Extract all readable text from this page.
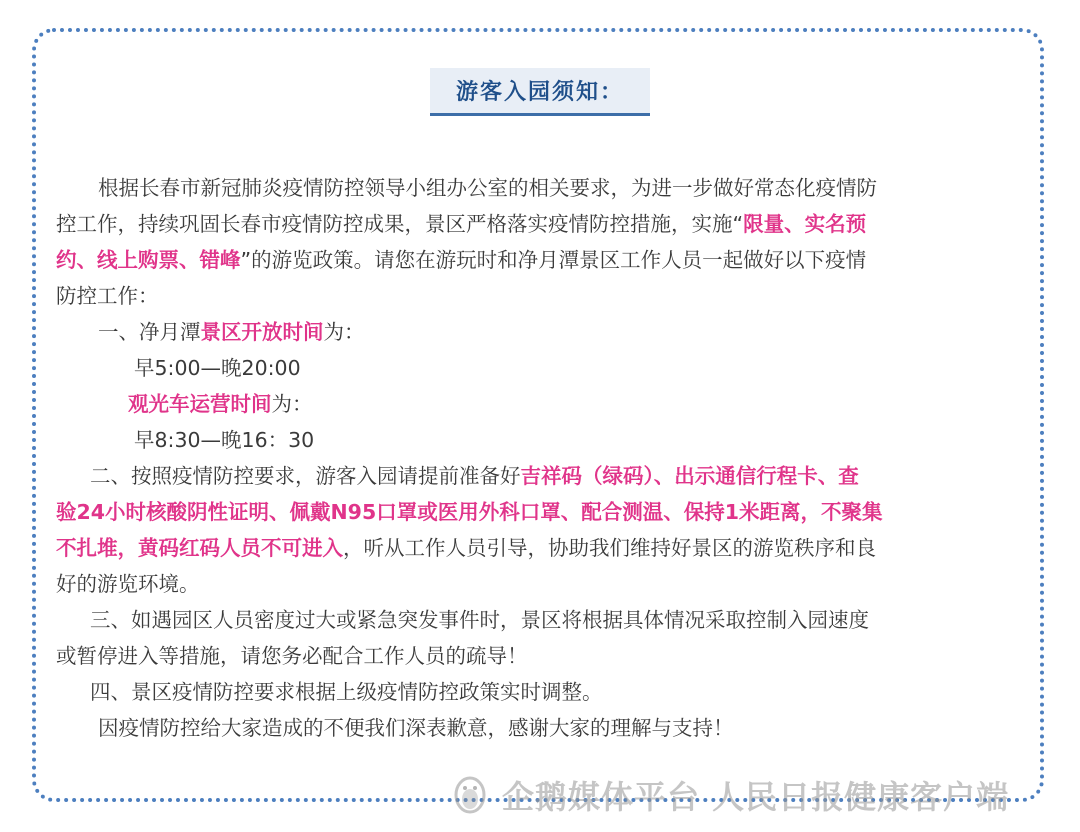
游客入园须知：
根据长春市新冠肺炎疫情防控领导小组办公室的相关要求，为进一步做好常态化疫情防
控工作，持续巩固长春市疫情防控成果，景区严格落实疫情防控措施，实施“限量、实名预
约、线上购票、错峰”的游览政策。请您在游玩时和净月潭景区工作人员一起做好以下疫情
防控工作：
一、净月潭景区开放时间为：
早5:00—晚20:00
观光车运营时间为：
早8:30—晚16：30
二、按照疫情防控要求，游客入园请提前准备好吉祥码（绿码）、出示通信行程卡、查
验24小时核酸阴性证明、佩戴N95口罩或医用外科口罩、配合测温、保持1米距离，不聚集
不扎堆，黄码红码人员不可进入，听从工作人员引导，协助我们维持好景区的游览秩序和良
好的游览环境。
三、如遇园区人员密度过大或紧急突发事件时，景区将根据具体情况采取控制入园速度
或暂停进入等措施，请您务必配合工作人员的疏导！
四、景区疫情防控要求根据上级疫情防控政策实时调整。
因疫情防控给大家造成的不便我们深表歉意，感谢大家的理解与支持！
企鹅媒体平台 人民日报健康客户端
